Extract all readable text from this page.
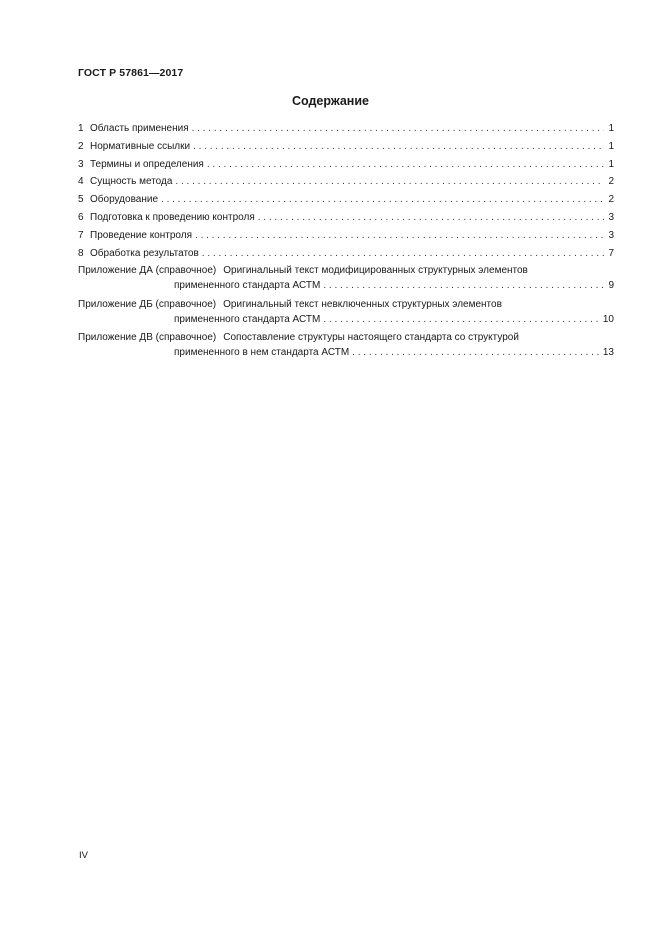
ГОСТ Р 57861—2017
Содержание
1 Область применения . . .	1
2 Нормативные ссылки . . .	1
3 Термины и определения . . .	1
4 Сущность метода . . .	2
5 Оборудование . . .	2
6 Подготовка к проведению контроля . . .	3
7 Проведение контроля . . .	3
8 Обработка результатов . . .	7
Приложение ДА (справочное) Оригинальный текст модифицированных структурных элементов
примененного стандарта АСТМ . . .	9
Приложение ДБ (справочное) Оригинальный текст невключенных структурных элементов
примененного стандарта АСТМ . . .	10
Приложение ДВ (справочное) Сопоставление структуры настоящего стандарта со структурой
примененного в нем стандарта АСТМ . . .	13
IV
